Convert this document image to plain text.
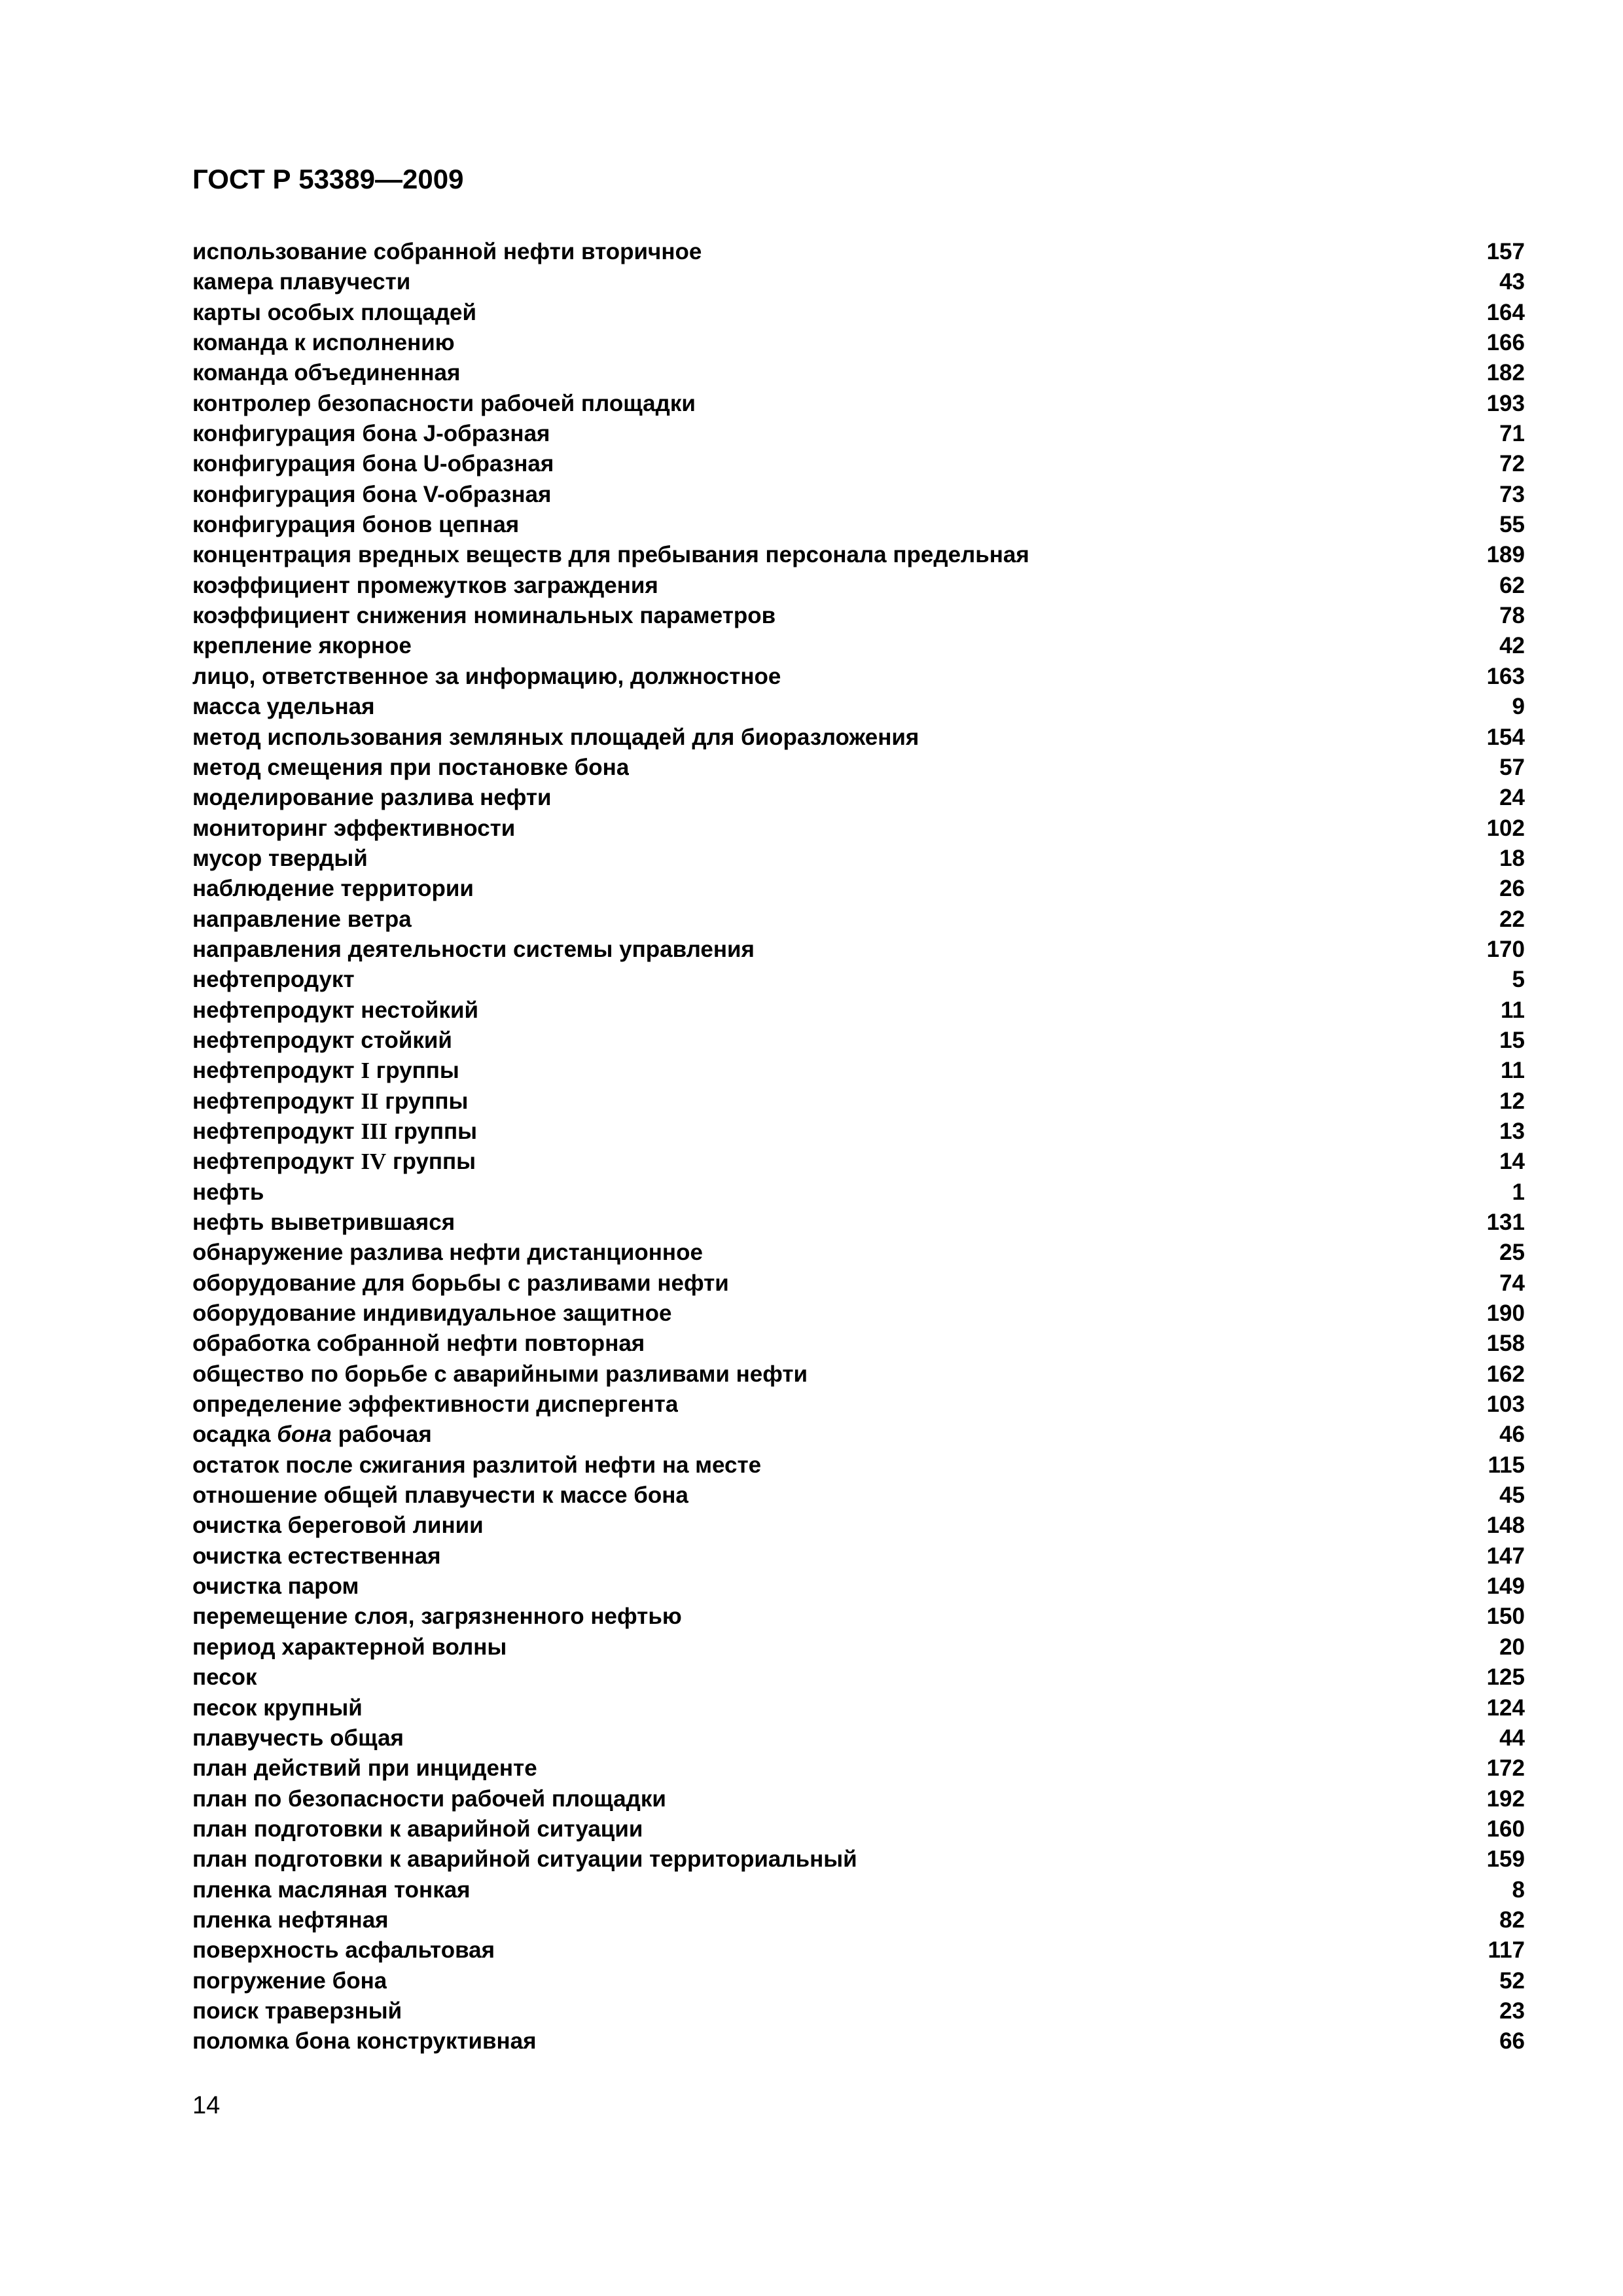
ГОСТ Р 53389—2009
использование собранной нефти вторичное	157
камера плавучести	43
карты особых площадей	164
команда к исполнению	166
команда объединенная	182
контролер безопасности рабочей площадки	193
конфигурация бона J-образная	71
конфигурация бона U-образная	72
конфигурация бона V-образная	73
конфигурация бонов цепная	55
концентрация вредных веществ для пребывания персонала предельная	189
коэффициент промежутков заграждения	62
коэффициент снижения номинальных параметров	78
крепление якорное	42
лицо, ответственное за информацию, должностное	163
масса удельная	9
метод использования земляных площадей для биоразложения	154
метод смещения при постановке бона	57
моделирование разлива нефти	24
мониторинг эффективности	102
мусор твердый	18
наблюдение территории	26
направление ветра	22
направления деятельности системы управления	170
нефтепродукт	5
нефтепродукт нестойкий	11
нефтепродукт стойкий	15
нефтепродукт I группы	11
нефтепродукт II группы	12
нефтепродукт III группы	13
нефтепродукт IV группы	14
нефть	1
нефть выветрившаяся	131
обнаружение разлива нефти дистанционное	25
оборудование для борьбы с разливами нефти	74
оборудование индивидуальное защитное	190
обработка собранной нефти повторная	158
общество по борьбе с аварийными разливами нефти	162
определение эффективности диспергента	103
осадка бона рабочая	46
остаток после сжигания разлитой нефти на месте	115
отношение общей плавучести к массе бона	45
очистка береговой линии	148
очистка естественная	147
очистка паром	149
перемещение слоя, загрязненного нефтью	150
период характерной волны	20
песок	125
песок крупный	124
плавучесть общая	44
план действий при инциденте	172
план по безопасности рабочей площадки	192
план подготовки к аварийной ситуации	160
план подготовки к аварийной ситуации территориальный	159
пленка масляная тонкая	8
пленка нефтяная	82
поверхность асфальтовая	117
погружение бона	52
поиск траверзный	23
поломка бона конструктивная	66
14
